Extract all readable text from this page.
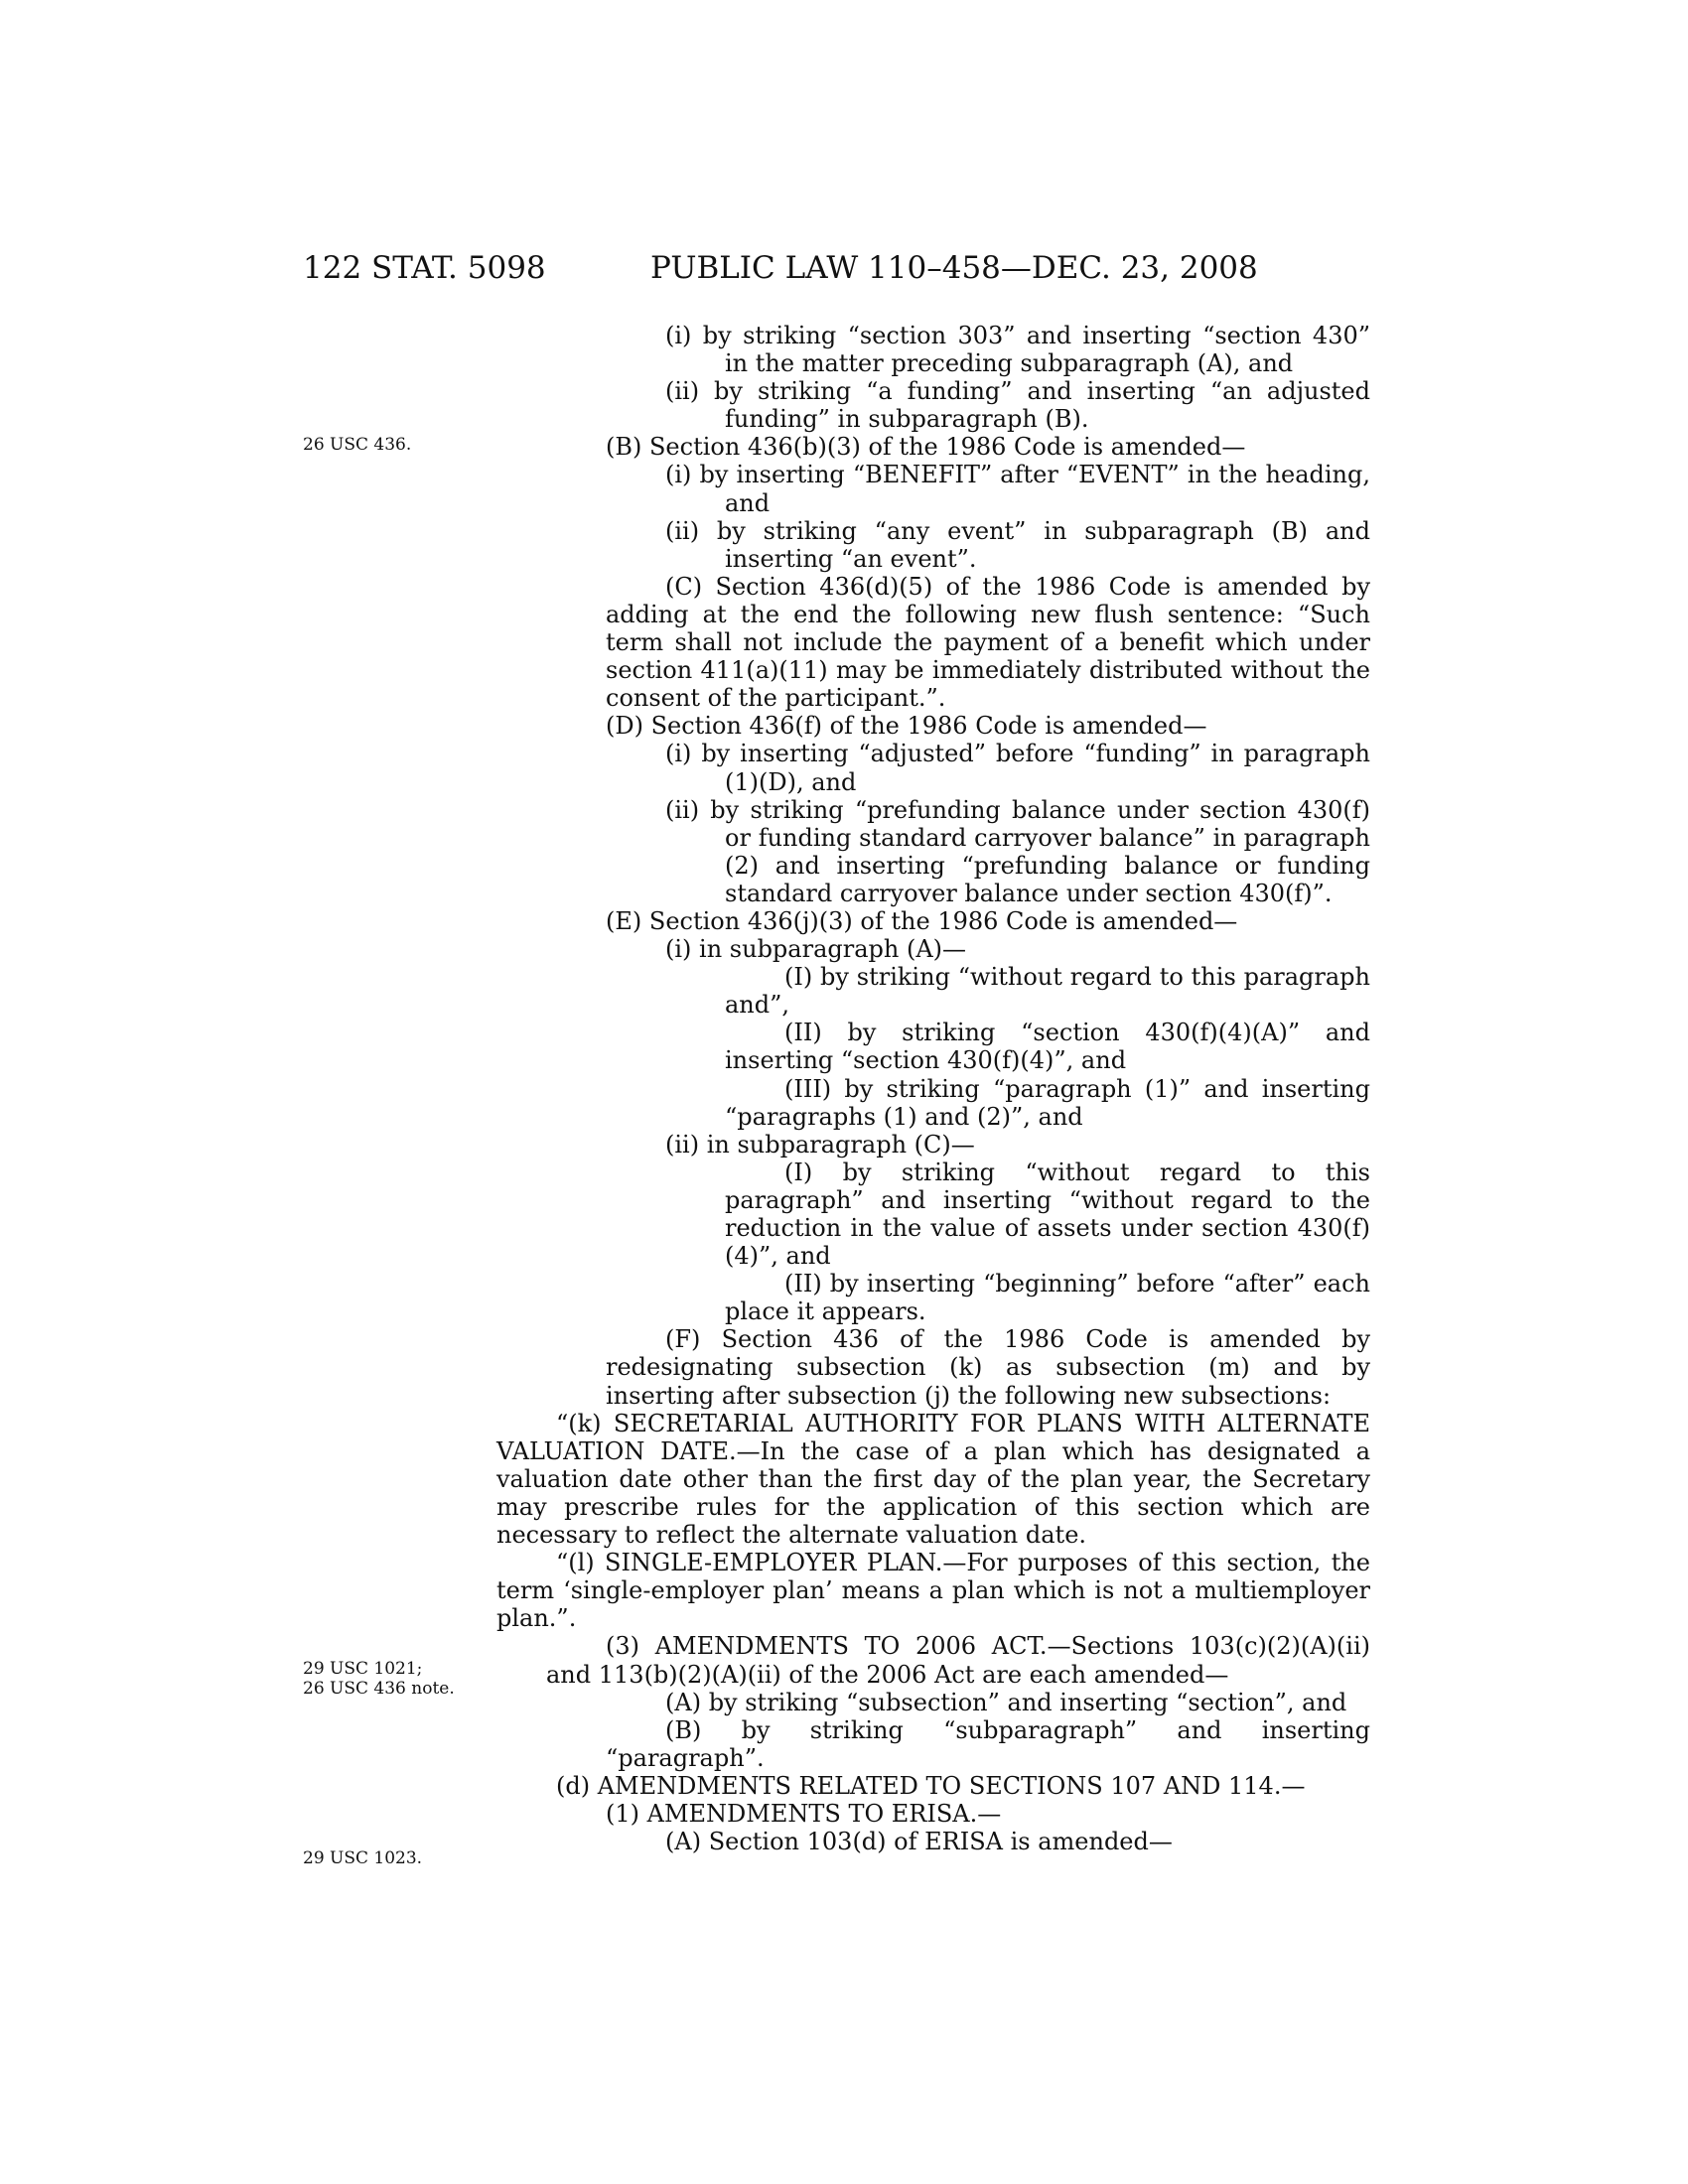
122 STAT. 5098	PUBLIC LAW 110–458—DEC. 23, 2008
26 USC 436.
29 USC 1021;
26 USC 436 note.
29 USC 1023.

(i) by striking “section 303” and inserting “section 430” in the matter preceding subparagraph (A), and

(ii) by striking “a funding” and inserting “an adjusted funding” in subparagraph (B).

(B) Section 436(b)(3) of the 1986 Code is amended—

(i) by inserting “BENEFIT” after “EVENT” in the heading, and

(ii) by striking “any event” in subparagraph (B) and inserting “an event”.

(C) Section 436(d)(5) of the 1986 Code is amended by adding at the end the following new flush sentence: “Such term shall not include the payment of a benefit which under section 411(a)(11) may be immediately distributed without the consent of the participant.”.

(D) Section 436(f) of the 1986 Code is amended—

(i) by inserting “adjusted” before “funding” in paragraph (1)(D), and

(ii) by striking “prefunding balance under section 430(f) or funding standard carryover balance” in paragraph (2) and inserting “prefunding balance or funding standard carryover balance under section 430(f)”.

(E) Section 436(j)(3) of the 1986 Code is amended—

(i) in subparagraph (A)—

(I) by striking “without regard to this paragraph and”,

(II) by striking “section 430(f)(4)(A)” and inserting “section 430(f)(4)”, and

(III) by striking “paragraph (1)” and inserting “paragraphs (1) and (2)”, and

(ii) in subparagraph (C)—

(I) by striking “without regard to this paragraph” and inserting “without regard to the reduction in the value of assets under section 430(f)(4)”, and

(II) by inserting “beginning” before “after” each place it appears.

(F) Section 436 of the 1986 Code is amended by redesignating subsection (k) as subsection (m) and by inserting after subsection (j) the following new subsections:

“(k) SECRETARIAL AUTHORITY FOR PLANS WITH ALTERNATE VALUATION DATE.—In the case of a plan which has designated a valuation date other than the first day of the plan year, the Secretary may prescribe rules for the application of this section which are necessary to reflect the alternate valuation date.

“(l) SINGLE-EMPLOYER PLAN.—For purposes of this section, the term ‘single-employer plan’ means a plan which is not a multiemployer plan.”.

(3) AMENDMENTS TO 2006 ACT.—Sections 103(c)(2)(A)(ii) and 113(b)(2)(A)(ii) of the 2006 Act are each amended—

(A) by striking “subsection” and inserting “section”, and

(B) by striking “subparagraph” and inserting “paragraph”.

(d) AMENDMENTS RELATED TO SECTIONS 107 AND 114.—

(1) AMENDMENTS TO ERISA.—

(A) Section 103(d) of ERISA is amended—
